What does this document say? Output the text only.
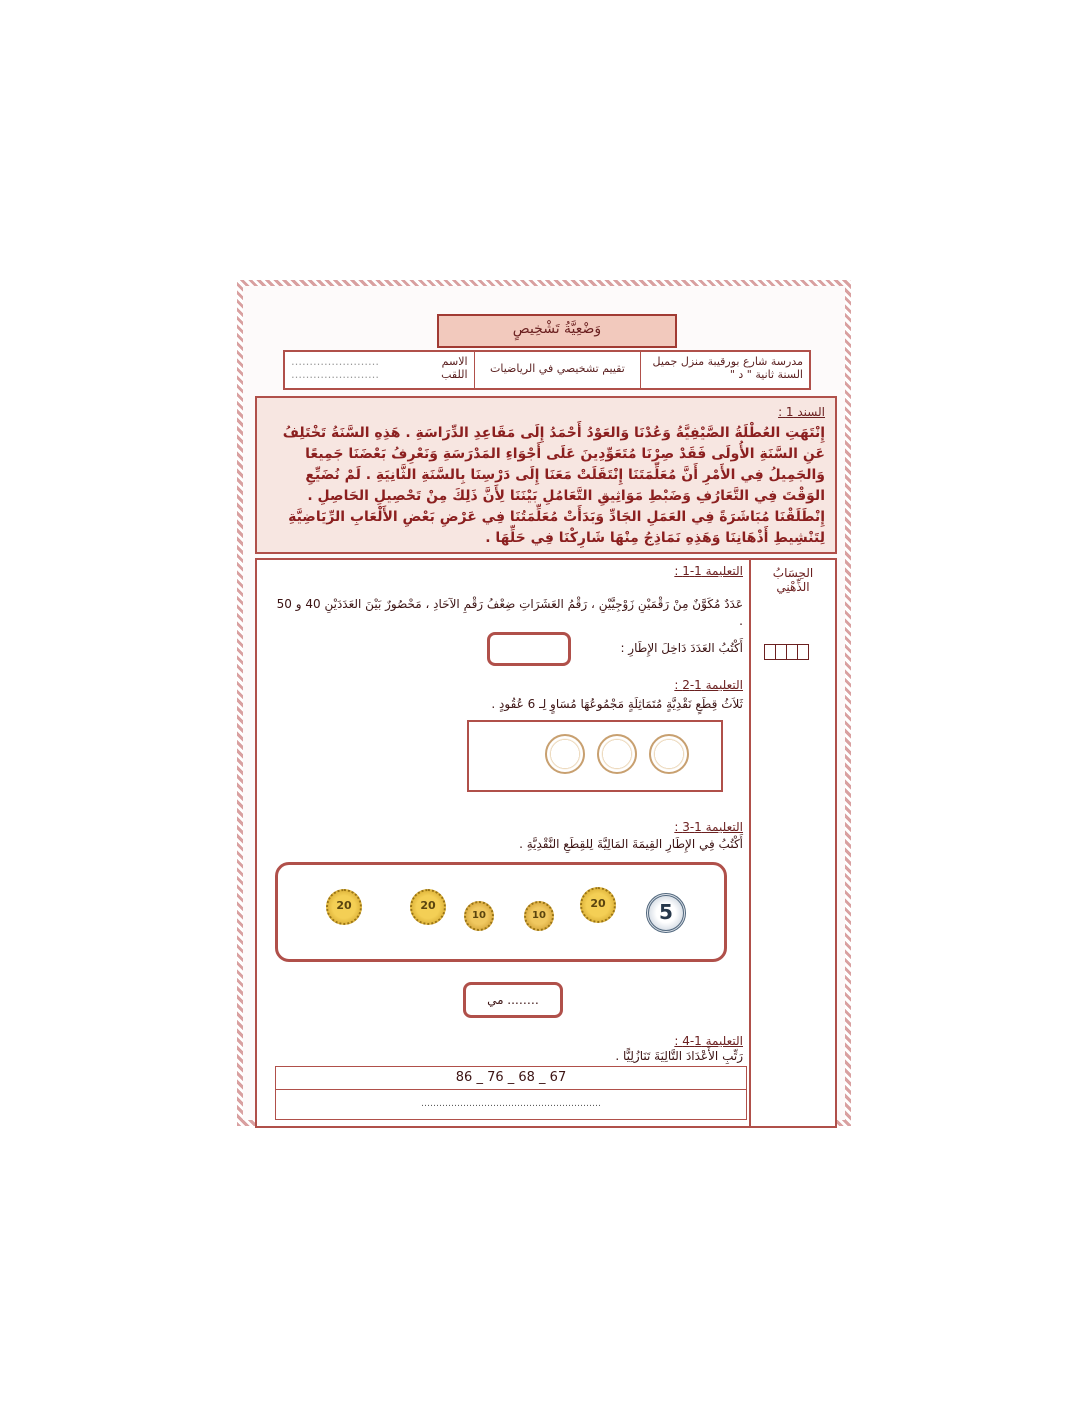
وَضْعِيَّةُ تَشْخِيصٍ
مدرسة شارع بورقيبة منزل جميل
السنة ثانية " د "
تقييم تشخيصي في الرياضيات
الاسم
……………………
اللقب
……………………
السند 1 :
إِنْتَهَتِ العُطْلَةُ الصَّيْفِيَّةُ وَعُدْنَا وَالعَوْدُ أَحْمَدُ إِلَى مَقَاعِدِ الدِّرَاسَةِ . هَذِهِ السَّنَةُ تَخْتَلِفُ عَنِ السَّنَةِ الأُولَى فَقَدْ صِرْنَا مُتَعَوِّدِينَ عَلَى أَجْوَاءِ المَدْرَسَةِ وَنَعْرِفُ بَعْضَنَا جَمِيعًا وَالجَمِيلُ فِي الأَمْرِ أَنَّ مُعَلِّمَتَنَا إِنْتَقَلَتْ مَعَنَا إِلَى دَرْسِنَا بِالسَّنَةِ الثَّانِيَةِ . لَمْ نُضَيِّعِ الوَقْتَ فِي التَّعَارُفِ وَضَبْطِ مَوَاثِيقِ التَّعَامُلِ بَيْنَنَا لِأَنَّ ذَلِكَ مِنْ تَحْصِيلِ الحَاصِلِ . إِنْطَلَقْنَا مُبَاشَرَةً فِي العَمَلِ الجَادِّ وَبَدَأَتْ مُعَلِّمَتُنَا فِي عَرْضِ بَعْضِ الأَلْعَابِ الرِّيَاضِيَّةِ لِتَنْشِيطِ أَذْهَانِنَا وَهَذِهِ نَمَاذِجُ مِنْهَا شَارِكْنَا فِي حَلِّهَا .
الحِسَابُ
الذِّهْنِي
التعليمة 1-1 :
عَدَدٌ مُكَوَّنٌ مِنْ رَقْمَيْنِ زَوْجِيَّيْنِ ، رَقْمُ العَشَرَاتِ ضِعْفُ رَقْمِ الآحَادِ ، مَحْصُورٌ بَيْنَ العَدَدَيْنِ 40 و 50 .
أَكْتُبُ العَدَدَ دَاخِلَ الإِطَارِ :
التعليمة 1-2 :
ثَلاَثُ قِطَعٍ نَقْدِيَّةٍ مُتَمَاثِلَةٍ مَجْمُوعُهَا مُسَاوٍ لِـ 6 عُقُودٍ .
التعليمة 1-3 :
أَكْتُبُ فِي الإِطَارِ القِيمَةَ المَالِيَّةَ لِلقِطَعِ النَّقْدِيَّةِ .
5
20
10
10
20
20
…….. مي
التعليمة 1-4 :
رَتِّبِ الأَعْدَادَ التَّالِيَةَ تَنَازُلِيًّا .
86 _ 76 _ 68 _ 67
……………………………………………………
